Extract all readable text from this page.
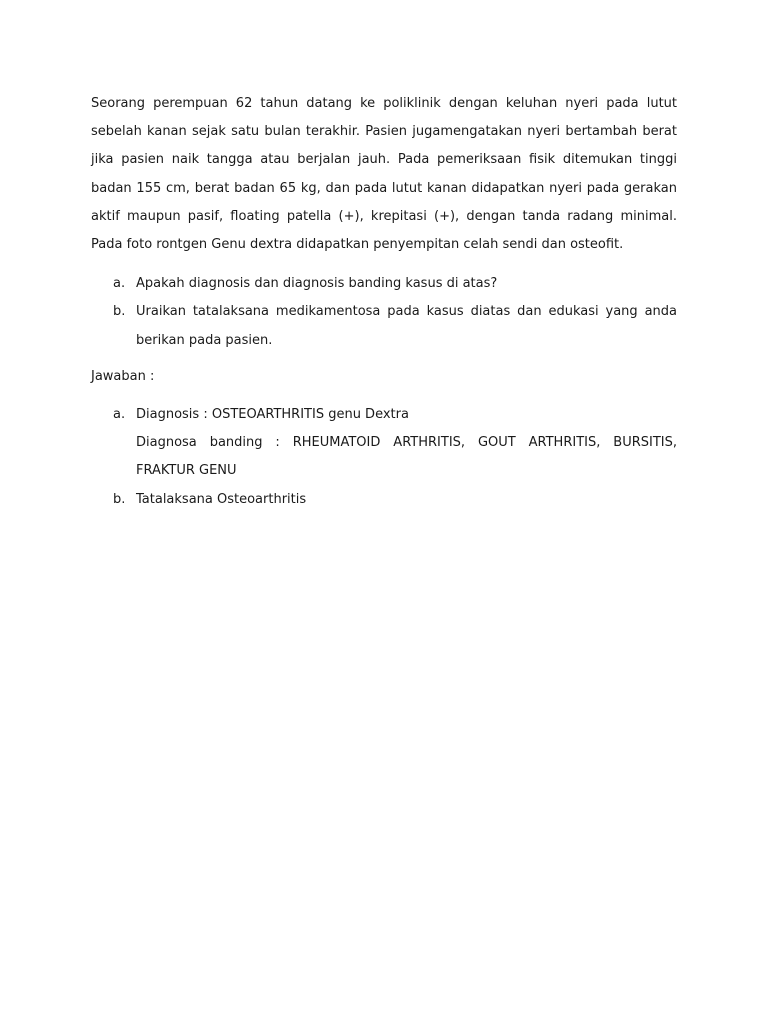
Seorang perempuan 62 tahun datang ke poliklinik dengan keluhan nyeri pada lutut sebelah kanan sejak satu bulan terakhir. Pasien jugamengatakan nyeri bertambah berat jika pasien naik tangga atau berjalan jauh. Pada pemeriksaan fisik ditemukan tinggi badan 155 cm, berat badan 65 kg, dan pada lutut kanan didapatkan nyeri pada gerakan aktif maupun pasif, floating patella (+), krepitasi (+), dengan tanda radang minimal. Pada foto rontgen Genu dextra didapatkan penyempitan celah sendi dan osteofit.

a. Apakah diagnosis dan diagnosis banding kasus di atas?
b. Uraikan tatalaksana medikamentosa pada kasus diatas dan edukasi yang anda berikan pada pasien.

Jawaban :

a. Diagnosis : OSTEOARTHRITIS genu Dextra
Diagnosa banding : RHEUMATOID ARTHRITIS, GOUT ARTHRITIS, BURSITIS, FRAKTUR GENU
b. Tatalaksana Osteoarthritis
